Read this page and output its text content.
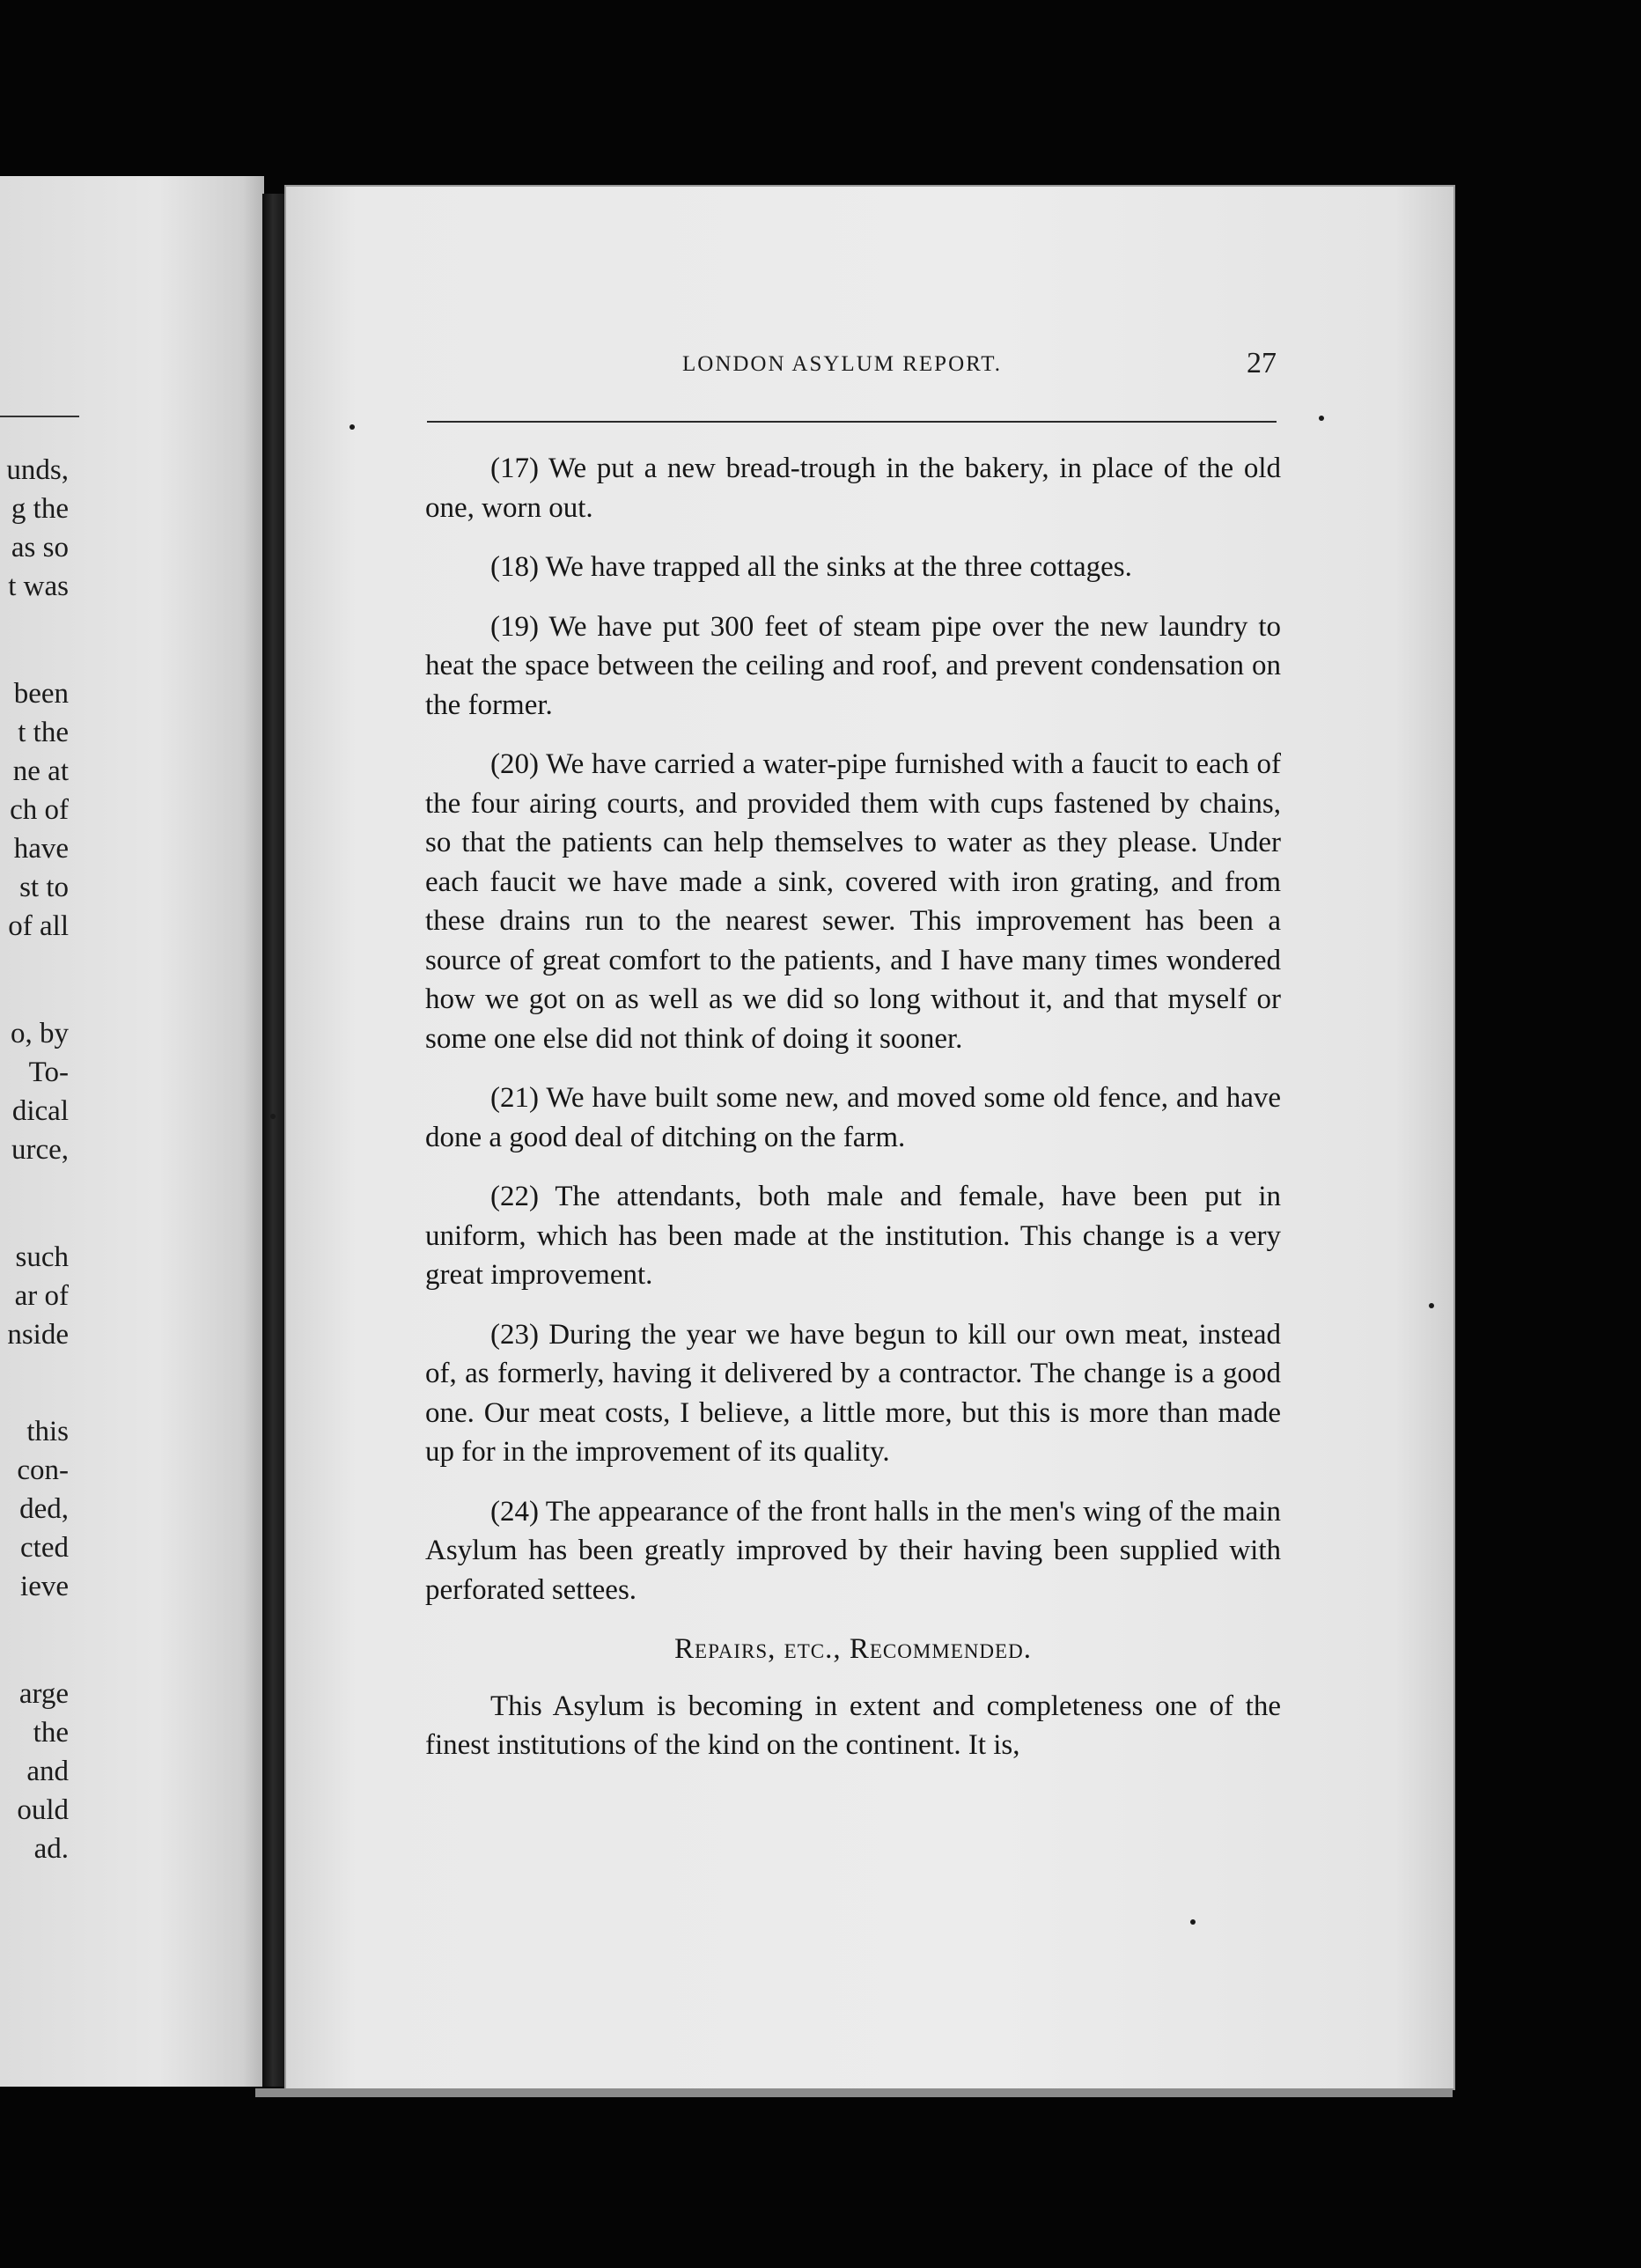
unds,
g the
as so
t was
been
t the
ne at
ch of
have
st to
of all
o, by
To-
dical
urce,
such
ar of
nside
this
con-
ded,
cted
ieve
arge
the
and
ould
ad.
LONDON ASYLUM REPORT.	27

(17) We put a new bread-trough in the bakery, in place of the old one, worn out.

(18) We have trapped all the sinks at the three cottages.

(19) We have put 300 feet of steam pipe over the new laundry to heat the space between the ceiling and roof, and prevent condensation on the former.

(20) We have carried a water-pipe furnished with a faucit to each of the four airing courts, and provided them with cups fastened by chains, so that the patients can help themselves to water as they please. Under each faucit we have made a sink, covered with iron grating, and from these drains run to the nearest sewer. This improvement has been a source of great comfort to the patients, and I have many times wondered how we got on as well as we did so long without it, and that myself or some one else did not think of doing it sooner.

(21) We have built some new, and moved some old fence, and have done a good deal of ditching on the farm.

(22) The attendants, both male and female, have been put in uniform, which has been made at the institution. This change is a very great improvement.

(23) During the year we have begun to kill our own meat, instead of, as formerly, having it delivered by a contractor. The change is a good one. Our meat costs, I believe, a little more, but this is more than made up for in the improvement of its quality.

(24) The appearance of the front halls in the men's wing of the main Asylum has been greatly improved by their having been supplied with perforated settees.

Repairs, etc., Recommended.

This Asylum is becoming in extent and completeness one of the finest institutions of the kind on the continent. It is,
